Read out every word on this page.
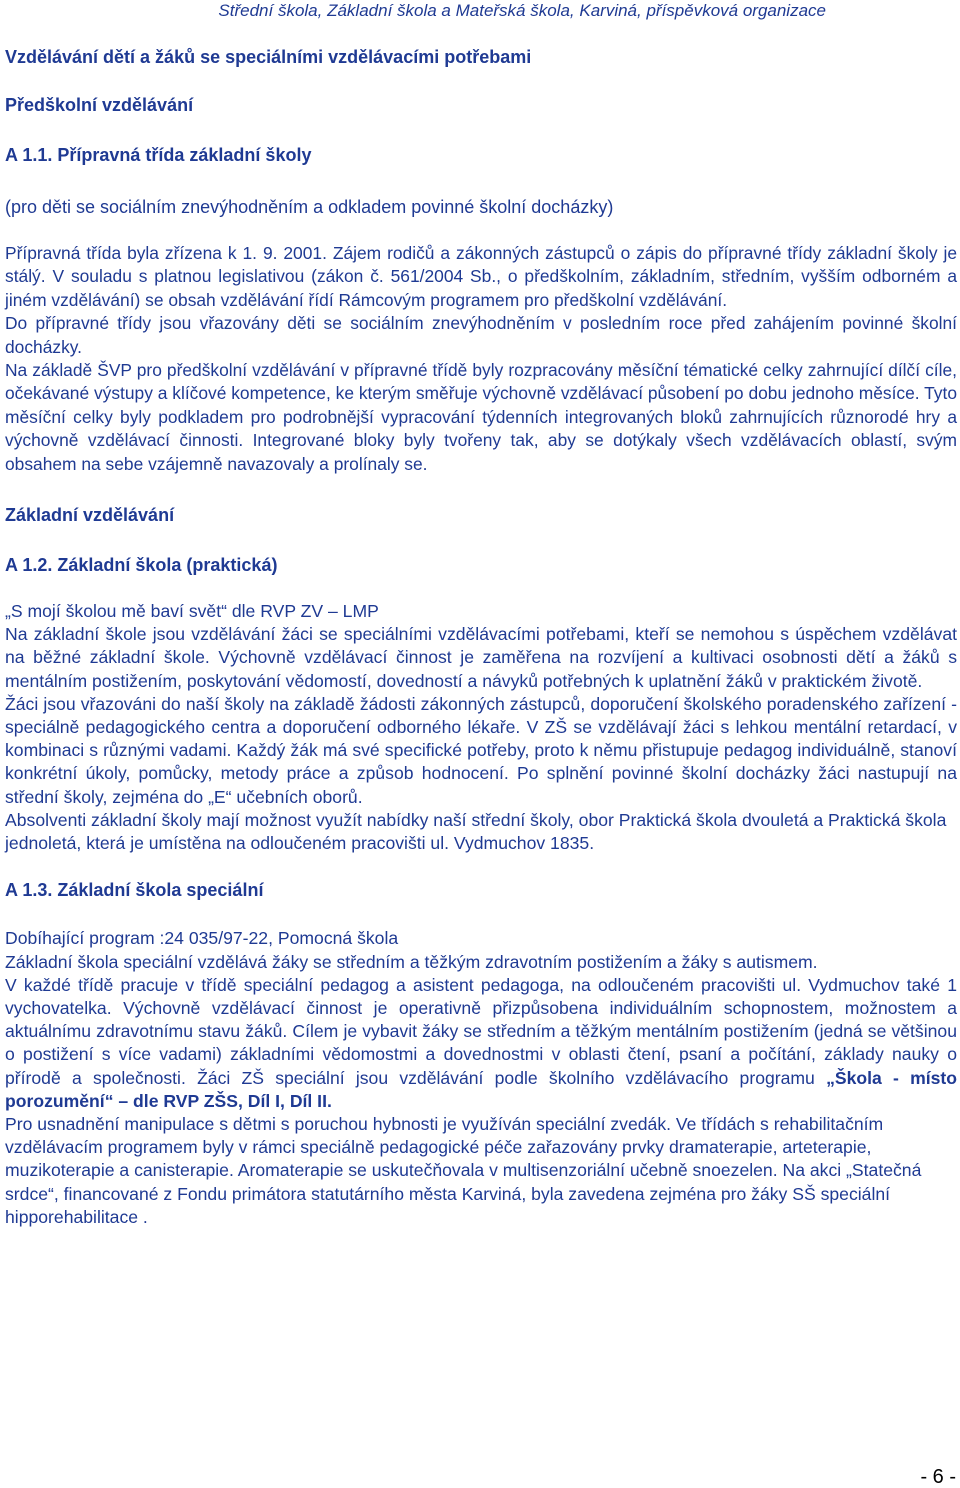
Střední škola, Základní škola a Mateřská škola, Karviná, příspěvková organizace

Vzdělávání dětí a žáků se speciálními vzdělávacími potřebami

Předškolní vzdělávání

A 1.1. Přípravná třída základní školy

(pro děti se sociálním znevýhodněním a odkladem povinné školní docházky)

Přípravná třída byla zřízena k 1. 9. 2001. Zájem rodičů a zákonných zástupců o zápis do přípravné třídy základní školy je stálý. V souladu s platnou legislativou (zákon č. 561/2004 Sb., o předškolním, základním, středním, vyšším odborném a jiném vzdělávání) se obsah vzdělávání řídí Rámcovým programem pro předškolní vzdělávání.

Do přípravné třídy jsou vřazovány děti se sociálním znevýhodněním v posledním roce před zahájením povinné školní docházky.

Na základě ŠVP pro předškolní vzdělávání v přípravné třídě byly rozpracovány měsíční tématické celky zahrnující dílčí cíle, očekávané výstupy a klíčové kompetence, ke kterým směřuje výchovně vzdělávací působení po dobu jednoho měsíce. Tyto měsíční celky byly podkladem pro podrobnější vypracování týdenních integrovaných bloků zahrnujících různorodé hry a výchovně vzdělávací činnosti. Integrované bloky byly tvořeny tak, aby se dotýkaly všech vzdělávacích oblastí, svým obsahem na sebe vzájemně navazovaly a prolínaly se.

Základní vzdělávání

A 1.2. Základní škola (praktická)

„S mojí školou mě baví svět“ dle RVP ZV – LMP

Na základní škole jsou vzdělávání žáci se speciálními vzdělávacími potřebami, kteří se nemohou s úspěchem vzdělávat na běžné základní škole. Výchovně vzdělávací činnost je zaměřena na rozvíjení a kultivaci osobnosti dětí a žáků s mentálním postižením, poskytování vědomostí, dovedností a návyků potřebných k uplatnění žáků v praktickém životě.

Žáci jsou vřazováni do naší školy na základě žádosti zákonných zástupců, doporučení školského poradenského zařízení - speciálně pedagogického centra a doporučení odborného lékaře. V ZŠ se vzdělávají žáci s lehkou mentální retardací, v kombinaci s různými vadami. Každý žák má své specifické potřeby, proto k němu přistupuje pedagog individuálně, stanoví konkrétní úkoly, pomůcky, metody práce a způsob hodnocení. Po splnění povinné školní docházky žáci nastupují na střední školy, zejména do „E“ učebních oborů.

Absolventi základní školy mají možnost využít nabídky naší střední školy, obor Praktická škola dvouletá a Praktická škola jednoletá, která je umístěna na odloučeném pracovišti ul. Vydmuchov 1835.

A 1.3. Základní škola speciální

Dobíhající program :24 035/97-22, Pomocná škola

Základní škola speciální vzdělává žáky se středním a těžkým zdravotním postižením a žáky s autismem.

V každé třídě pracuje v třídě speciální pedagog a asistent pedagoga, na odloučeném pracovišti ul. Vydmuchov také 1 vychovatelka. Výchovně vzdělávací činnost je operativně přizpůsobena individuálním schopnostem, možnostem a aktuálnímu zdravotnímu stavu žáků. Cílem je vybavit žáky se středním a těžkým mentálním postižením (jedná se většinou o postižení s více vadami) základními vědomostmi a dovednostmi v oblasti čtení, psaní a počítání, základy nauky o přírodě a společnosti. Žáci ZŠ speciální jsou vzdělávání podle školního vzdělávacího programu „Škola - místo porozumění“ – dle RVP ZŠS, Díl I, Díl II.

Pro usnadnění manipulace s dětmi s poruchou hybnosti je využíván speciální zvedák. Ve třídách s rehabilitačním vzdělávacím programem byly v rámci speciálně pedagogické péče zařazovány prvky dramaterapie, arteterapie, muzikoterapie a canisterapie. Aromaterapie se uskutečňovala v multisenzoriální učebně snoezelen. Na akci „Statečná srdce“, financované z Fondu primátora statutárního města Karviná, byla zavedena zejména pro žáky SŠ speciální hipporehabilitace .

- 6 -
